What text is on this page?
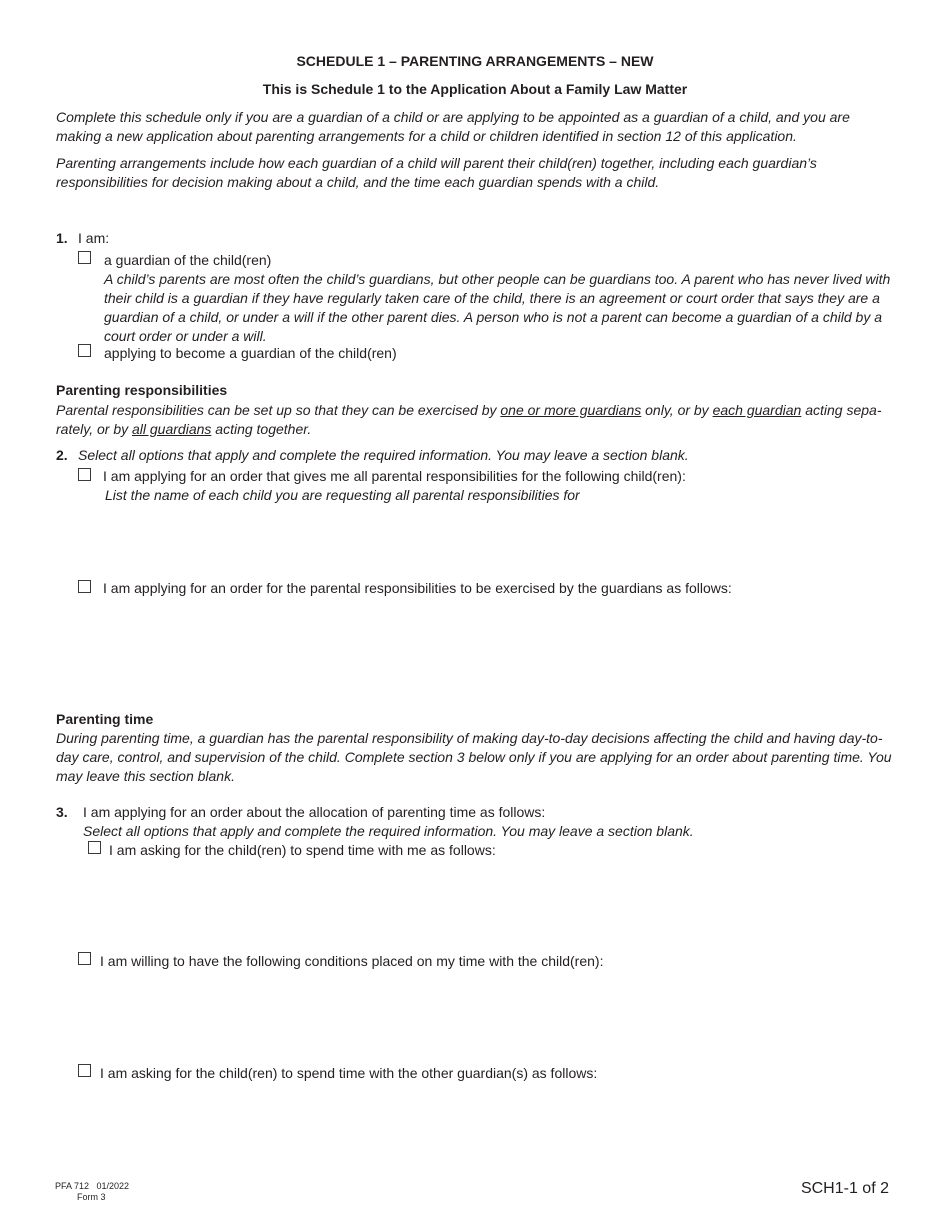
SCHEDULE 1 – PARENTING ARRANGEMENTS – NEW
This is Schedule 1 to the Application About a Family Law Matter
Complete this schedule only if you are a guardian of a child or are applying to be appointed as a guardian of a child, and you are making a new application about parenting arrangements for a child or children identified in section 12 of this application.
Parenting arrangements include how each guardian of a child will parent their child(ren) together, including each guardian’s responsibilities for decision making about a child, and the time each guardian spends with a child.
1. I am:
a guardian of the child(ren)
A child’s parents are most often the child’s guardians, but other people can be guardians too. A parent who has never lived with their child is a guardian if they have regularly taken care of the child, there is an agreement or court order that says they are a guardian of a child, or under a will if the other parent dies. A person who is not a parent can become a guardian of a child by a court order or under a will.
applying to become a guardian of the child(ren)
Parenting responsibilities
Parental responsibilities can be set up so that they can be exercised by one or more guardians only, or by each guardian acting sepa-rately, or by all guardians acting together.
2. Select all options that apply and complete the required information. You may leave a section blank.
I am applying for an order that gives me all parental responsibilities for the following child(ren):
List the name of each child you are requesting all parental responsibilities for
I am applying for an order for the parental responsibilities to be exercised by the guardians as follows:
Parenting time
During parenting time, a guardian has the parental responsibility of making day-to-day decisions affecting the child and having day-to-day care, control, and supervision of the child. Complete section 3 below only if you are applying for an order about parenting time. You may leave this section blank.
3. I am applying for an order about the allocation of parenting time as follows:
Select all options that apply and complete the required information. You may leave a section blank.
I am asking for the child(ren) to spend time with me as follows:
I am willing to have the following conditions placed on my time with the child(ren):
I am asking for the child(ren) to spend time with the other guardian(s) as follows:
PFA 712   01/2022
Form 3	SCH1-1 of 2
